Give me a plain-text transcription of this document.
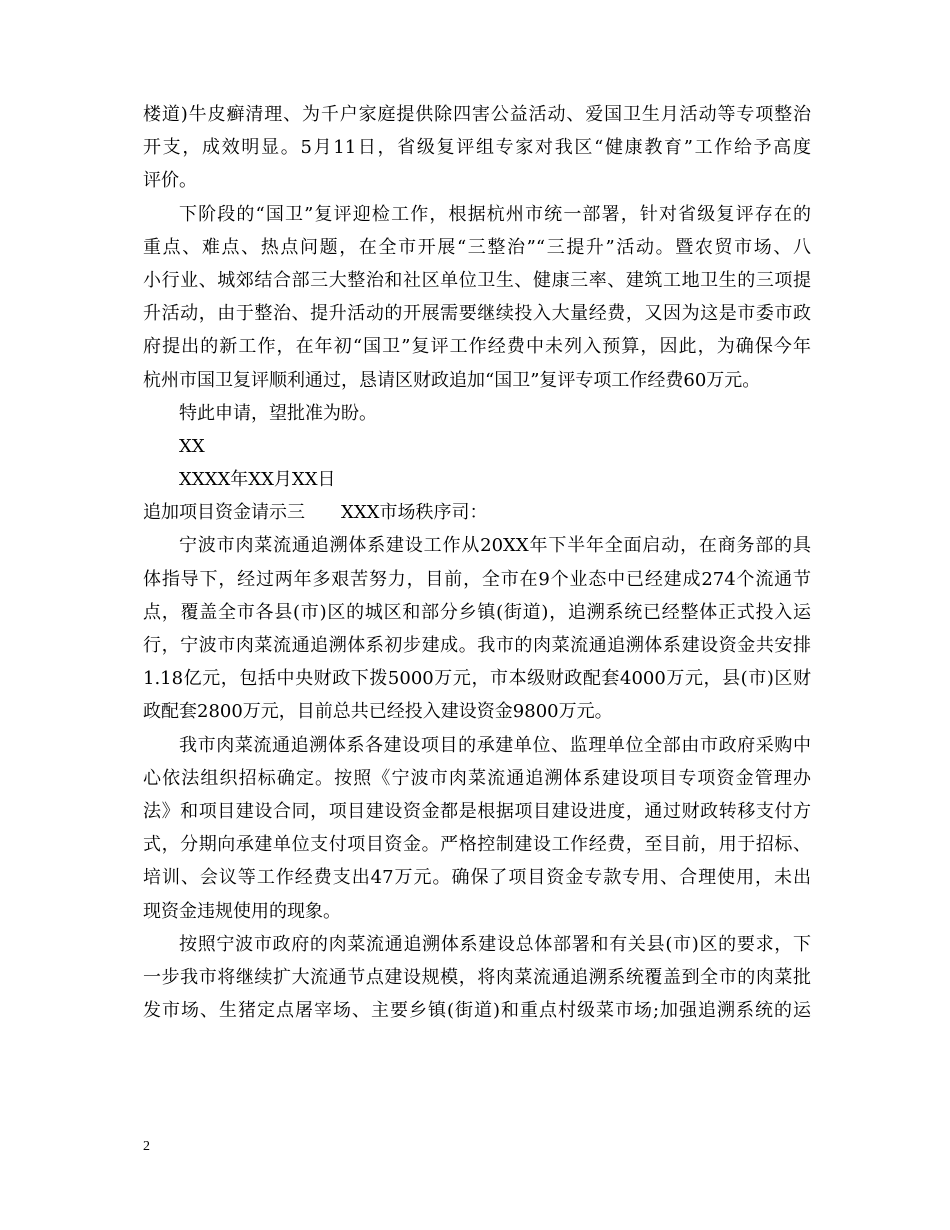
楼道)牛皮癣清理、为千户家庭提供除四害公益活动、爱国卫生月活动等专项整治
开支，成效明显。5月11日，省级复评组专家对我区“健康教育”工作给予高度
评价。
下阶段的“国卫”复评迎检工作，根据杭州市统一部署，针对省级复评存在的
重点、难点、热点问题，在全市开展“三整治”“三提升”活动。暨农贸市场、八
小行业、城郊结合部三大整治和社区单位卫生、健康三率、建筑工地卫生的三项提
升活动，由于整治、提升活动的开展需要继续投入大量经费，又因为这是市委市政
府提出的新工作，在年初“国卫”复评工作经费中未列入预算，因此，为确保今年
杭州市国卫复评顺利通过，恳请区财政追加“国卫”复评专项工作经费60万元。
特此申请，望批准为盼。
XX
XXXX年XX月XX日
追加项目资金请示三　　XXX市场秩序司：
宁波市肉菜流通追溯体系建设工作从20XX年下半年全面启动，在商务部的具
体指导下，经过两年多艰苦努力，目前，全市在9个业态中已经建成274个流通节
点，覆盖全市各县(市)区的城区和部分乡镇(街道)，追溯系统已经整体正式投入运
行，宁波市肉菜流通追溯体系初步建成。我市的肉菜流通追溯体系建设资金共安排
1.18亿元，包括中央财政下拨5000万元，市本级财政配套4000万元，县(市)区财
政配套2800万元，目前总共已经投入建设资金9800万元。
我市肉菜流通追溯体系各建设项目的承建单位、监理单位全部由市政府采购中
心依法组织招标确定。按照《宁波市肉菜流通追溯体系建设项目专项资金管理办
法》和项目建设合同，项目建设资金都是根据项目建设进度，通过财政转移支付方
式，分期向承建单位支付项目资金。严格控制建设工作经费，至目前，用于招标、
培训、会议等工作经费支出47万元。确保了项目资金专款专用、合理使用，未出
现资金违规使用的现象。
按照宁波市政府的肉菜流通追溯体系建设总体部署和有关县(市)区的要求，下
一步我市将继续扩大流通节点建设规模，将肉菜流通追溯系统覆盖到全市的肉菜批
发市场、生猪定点屠宰场、主要乡镇(街道)和重点村级菜市场;加强追溯系统的运
2
